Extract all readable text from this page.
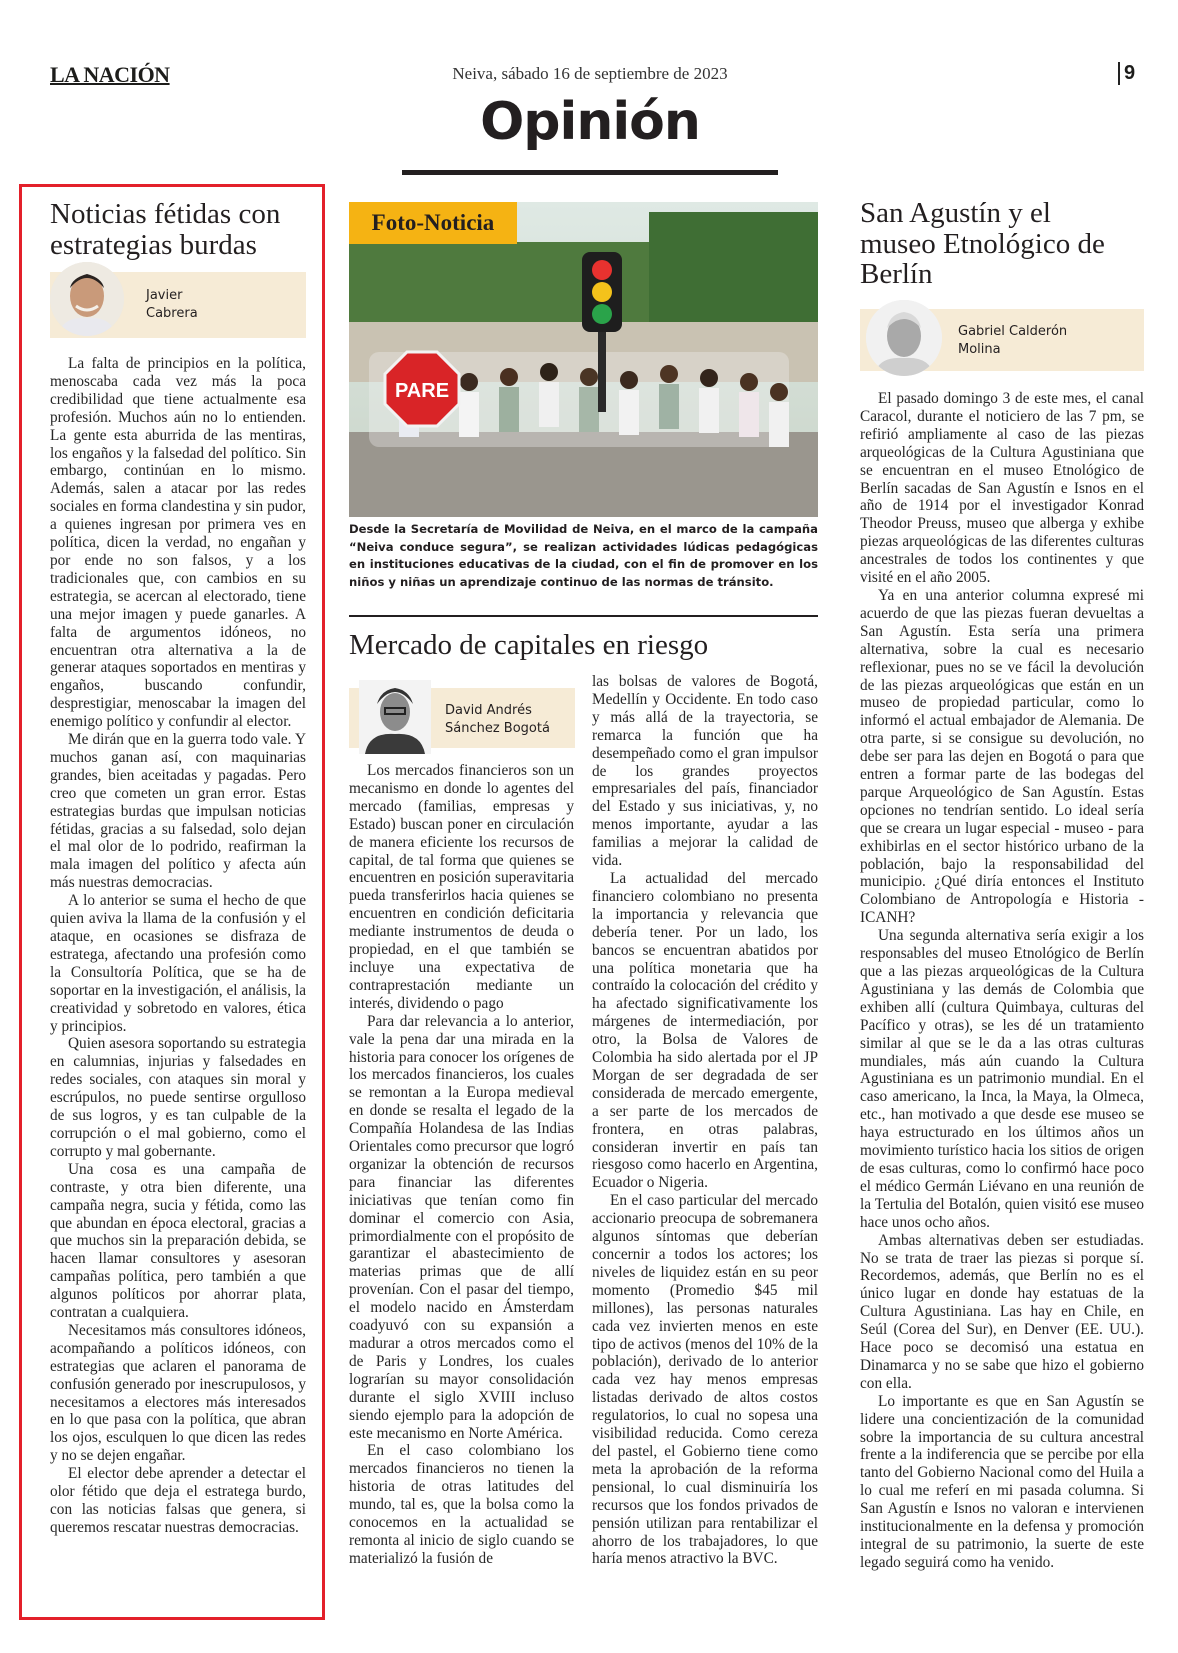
LA NACIÓN	Neiva, sábado 16 de septiembre de 2023	9
Opinión
Noticias fétidas con estrategias burdas
Javier
Cabrera

La falta de principios en la política, menoscaba cada vez más la poca credibilidad que tiene actualmente esa profesión. Muchos aún no lo entienden. La gente esta aburrida de las mentiras, los engaños y la falsedad del político. Sin embargo, continúan en lo mismo. Además, salen a atacar por las redes sociales en forma clandestina y sin pudor, a quienes ingresan por primera ves en política, dicen la verdad, no engañan y por ende no son falsos, y a los tradicionales que, con cambios en su estrategia, se acercan al electorado, tiene una mejor imagen y puede ganarles. A falta de argumentos idóneos, no encuentran otra alternativa a la de generar ataques soportados en mentiras y engaños, buscando confundir, desprestigiar, menoscabar la imagen del enemigo político y confundir al elector.

Me dirán que en la guerra todo vale. Y muchos ganan así, con maquinarias grandes, bien aceitadas y pagadas. Pero creo que cometen un gran error. Estas estrategias burdas que impulsan noticias fétidas, gracias a su falsedad, solo dejan el mal olor de lo podrido, reafirman la mala imagen del político y afecta aún más nuestras democracias.

A lo anterior se suma el hecho de que quien aviva la llama de la confusión y el ataque, en ocasiones se disfraza de estratega, afectando una profesión como la Consultoría Política, que se ha de soportar en la investigación, el análisis, la creatividad y sobretodo en valores, ética y principios.

Quien asesora soportando su estrategia en calumnias, injurias y falsedades en redes sociales, con ataques sin moral y escrúpulos, no puede sentirse orgulloso de sus logros, y es tan culpable de la corrupción o el mal gobierno, como el corrupto y mal gobernante.

Una cosa es una campaña de contraste, y otra bien diferente, una campaña negra, sucia y fétida, como las que abundan en época electoral, gracias a que muchos sin la preparación debida, se hacen llamar consultores y asesoran campañas política, pero también a que algunos políticos por ahorrar plata, contratan a cualquiera.

Necesitamos más consultores idóneos, acompañando a políticos idóneos, con estrategias que aclaren el panorama de confusión generado por inescrupulosos, y necesitamos a electores más interesados en lo que pasa con la política, que abran los ojos, esculquen lo que dicen las redes y no se dejen engañar.

El elector debe aprender a detectar el olor fétido que deja el estratega burdo, con las noticias falsas que genera, si queremos rescatar nuestras democracias.

PARE
Foto-Noticia
Desde la Secretaría de Movilidad de Neiva, en el marco de la campaña “Neiva conduce segura”, se realizan actividades lúdicas pedagógicas en instituciones educativas de la ciudad, con el fin de promover en los niños y niñas un aprendizaje continuo de las normas de tránsito.
Mercado de capitales en riesgo
David Andrés
Sánchez Bogotá

Los mercados financieros son un mecanismo en donde lo agentes del mercado (familias, empresas y Estado) buscan poner en circulación de manera eficiente los recursos de capital, de tal forma que quienes se encuentren en posición superavitaria pueda transferirlos hacia quienes se encuentren en condición deficitaria mediante instrumentos de deuda o propiedad, en el que también se incluye una expectativa de contraprestación mediante un interés, dividendo o pago

Para dar relevancia a lo anterior, vale la pena dar una mirada en la historia para conocer los orígenes de los mercados financieros, los cuales se remontan a la Europa medieval en donde se resalta el legado de la Compañía Holandesa de las Indias Orientales como precursor que logró organizar la obtención de recursos para financiar las diferentes iniciativas que tenían como fin dominar el comercio con Asia, primordialmente con el propósito de garantizar el abastecimiento de materias primas que de allí provenían. Con el pasar del tiempo, el modelo nacido en Ámsterdam coadyuvó con su expansión a madurar a otros mercados como el de Paris y Londres, los cuales lograrían su mayor consolidación durante el siglo XVIII incluso siendo ejemplo para la adopción de este mecanismo en Norte América.

En el caso colombiano los mercados financieros no tienen la historia de otras latitudes del mundo, tal es, que la bolsa como la conocemos en la actualidad se remonta al inicio de siglo cuando se materializó la fusión de

las bolsas de valores de Bogotá, Medellín y Occidente. En todo caso y más allá de la trayectoria, se remarca la función que ha desempeñado como el gran impulsor de los grandes proyectos empresariales del país, financiador del Estado y sus iniciativas, y, no menos importante, ayudar a las familias a mejorar la calidad de vida.

La actualidad del mercado financiero colombiano no presenta la importancia y relevancia que debería tener. Por un lado, los bancos se encuentran abatidos por una política monetaria que ha contraído la colocación del crédito y ha afectado significativamente los márgenes de intermediación, por otro, la Bolsa de Valores de Colombia ha sido alertada por el JP Morgan de ser degradada de ser considerada de mercado emergente, a ser parte de los mercados de frontera, en otras palabras, consideran invertir en país tan riesgoso como hacerlo en Argentina, Ecuador o Nigeria.

En el caso particular del mercado accionario preocupa de sobremanera algunos síntomas que deberían concernir a todos los actores; los niveles de liquidez están en su peor momento (Promedio $45 mil millones), las personas naturales cada vez invierten menos en este tipo de activos (menos del 10% de la población), derivado de lo anterior cada vez hay menos empresas listadas derivado de altos costos regulatorios, lo cual no sopesa una visibilidad reducida. Como cereza del pastel, el Gobierno tiene como meta la aprobación de la reforma pensional, lo cual disminuiría los recursos que los fondos privados de pensión utilizan para rentabilizar el ahorro de los trabajadores, lo que haría menos atractivo la BVC.

San Agustín y el museo Etnológico de Berlín
Gabriel Calderón
Molina

El pasado domingo 3 de este mes, el canal Caracol, durante el noticiero de las 7 pm, se refirió ampliamente al caso de las piezas arqueológicas de la Cultura Agustiniana que se encuentran en el museo Etnológico de Berlín sacadas de San Agustín e Isnos en el año de 1914 por el investigador Konrad Theodor Preuss, museo que alberga y exhibe piezas arqueológicas de las diferentes culturas ancestrales de todos los continentes y que visité en el año 2005.

Ya en una anterior columna expresé mi acuerdo de que las piezas fueran devueltas a San Agustín. Esta sería una primera alternativa, sobre la cual es necesario reflexionar, pues no se ve fácil la devolución de las piezas arqueológicas que están en un museo de propiedad particular, como lo informó el actual embajador de Alemania. De otra parte, si se consigue su devolución, no debe ser para las dejen en Bogotá o para que entren a formar parte de las bodegas del parque Arqueológico de San Agustín. Estas opciones no tendrían sentido. Lo ideal sería que se creara un lugar especial - museo - para exhibirlas en el sector histórico urbano de la población, bajo la responsabilidad del municipio. ¿Qué diría entonces el Instituto Colombiano de Antropología e Historia - ICANH?

Una segunda alternativa sería exigir a los responsables del museo Etnológico de Berlín que a las piezas arqueológicas de la Cultura Agustiniana y las demás de Colombia que exhiben allí (cultura Quimbaya, culturas del Pacífico y otras), se les dé un tratamiento similar al que se le da a las otras culturas mundiales, más aún cuando la Cultura Agustiniana es un patrimonio mundial. En el caso americano, la Inca, la Maya, la Olmeca, etc., han motivado a que desde ese museo se haya estructurado en los últimos años un movimiento turístico hacia los sitios de origen de esas culturas, como lo confirmó hace poco el médico Germán Liévano en una reunión de la Tertulia del Botalón, quien visitó ese museo hace unos ocho años.

Ambas alternativas deben ser estudiadas. No se trata de traer las piezas si porque sí. Recordemos, además, que Berlín no es el único lugar en donde hay estatuas de la Cultura Agustiniana. Las hay en Chile, en Seúl (Corea del Sur), en Denver (EE. UU.). Hace poco se decomisó una estatua en Dinamarca y no se sabe que hizo el gobierno con ella.

Lo importante es que en San Agustín se lidere una concientización de la comunidad sobre la importancia de su cultura ancestral frente a la indiferencia que se percibe por ella tanto del Gobierno Nacional como del Huila a lo cual me referí en mi pasada columna. Si San Agustín e Isnos no valoran e intervienen institucionalmente en la defensa y promoción integral de su patrimonio, la suerte de este legado seguirá como ha venido.
